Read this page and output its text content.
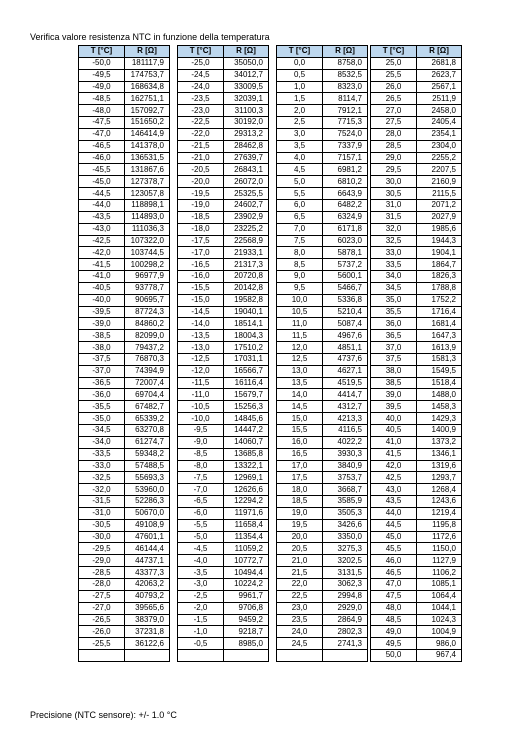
Verifica valore resistenza NTC in funzione della temperatura
T [°C]	R [Ω]
-50,0	181117,9
-49,5	174753,7
-49,0	168634,8
-48,5	162751,1
-48,0	157092,7
-47,5	151650,2
-47,0	146414,9
-46,5	141378,0
-46,0	136531,5
-45,5	131867,6
-45,0	127378,7
-44,5	123057,8
-44,0	118898,1
-43,5	114893,0
-43,0	111036,3
-42,5	107322,0
-42,0	103744,5
-41,5	100298,2
-41,0	96977,9
-40,5	93778,7
-40,0	90695,7
-39,5	87724,3
-39,0	84860,2
-38,5	82099,0
-38,0	79437,2
-37,5	76870,3
-37,0	74394,9
-36,5	72007,4
-36,0	69704,4
-35,5	67482,7
-35,0	65339,2
-34,5	63270,8
-34,0	61274,7
-33,5	59348,2
-33,0	57488,5
-32,5	55693,3
-32,0	53960,0
-31,5	52286,3
-31,0	50670,0
-30,5	49108,9
-30,0	47601,1
-29,5	46144,4
-29,0	44737,1
-28,5	43377,3
-28,0	42063,2
-27,5	40793,2
-27,0	39565,6
-26,5	38379,0
-26,0	37231,8
-25,5	36122,6

T [°C]	R [Ω]
-25,0	35050,0
-24,5	34012,7
-24,0	33009,5
-23,5	32039,1
-23,0	31100,3
-22,5	30192,0
-22,0	29313,2
-21,5	28462,8
-21,0	27639,7
-20,5	26843,1
-20,0	26072,0
-19,5	25325,5
-19,0	24602,7
-18,5	23902,9
-18,0	23225,2
-17,5	22568,9
-17,0	21933,1
-16,5	21317,3
-16,0	20720,8
-15,5	20142,8
-15,0	19582,8
-14,5	19040,1
-14,0	18514,1
-13,5	18004,3
-13,0	17510,2
-12,5	17031,1
-12,0	16566,7
-11,5	16116,4
-11,0	15679,7
-10,5	15256,3
-10,0	14845,6
-9,5	14447,2
-9,0	14060,7
-8,5	13685,8
-8,0	13322,1
-7,5	12969,1
-7,0	12626,6
-6,5	12294,2
-6,0	11971,6
-5,5	11658,4
-5,0	11354,4
-4,5	11059,2
-4,0	10772,7
-3,5	10494,4
-3,0	10224,2
-2,5	9961,7
-2,0	9706,8
-1,5	9459,2
-1,0	9218,7
-0,5	8985,0

T [°C]	R [Ω]
0,0	8758,0
0,5	8532,5
1,0	8323,0
1,5	8114,7
2,0	7912,1
2,5	7715,3
3,0	7524,0
3,5	7337,9
4,0	7157,1
4,5	6981,2
5,0	6810,2
5,5	6643,9
6,0	6482,2
6,5	6324,9
7,0	6171,8
7,5	6023,0
8,0	5878,1
8,5	5737,2
9,0	5600,1
9,5	5466,7
10,0	5336,8
10,5	5210,4
11,0	5087,4
11,5	4967,6
12,0	4851,1
12,5	4737,6
13,0	4627,1
13,5	4519,5
14,0	4414,7
14,5	4312,7
15,0	4213,3
15,5	4116,5
16,0	4022,2
16,5	3930,3
17,0	3840,9
17,5	3753,7
18,0	3668,7
18,5	3585,9
19,0	3505,3
19,5	3426,6
20,0	3350,0
20,5	3275,3
21,0	3202,5
21,5	3131,5
22,0	3062,3
22,5	2994,8
23,0	2929,0
23,5	2864,9
24,0	2802,3
24,5	2741,3

T [°C]	R [Ω]
25,0	2681,8
25,5	2623,7
26,0	2567,1
26,5	2511,9
27,0	2458,0
27,5	2405,4
28,0	2354,1
28,5	2304,0
29,0	2255,2
29,5	2207,5
30,0	2160,9
30,5	2115,5
31,0	2071,2
31,5	2027,9
32,0	1985,6
32,5	1944,3
33,0	1904,1
33,5	1864,7
34,0	1826,3
34,5	1788,8
35,0	1752,2
35,5	1716,4
36,0	1681,4
36,5	1647,3
37,0	1613,9
37,5	1581,3
38,0	1549,5
38,5	1518,4
39,0	1488,0
39,5	1458,3
40,0	1429,3
40,5	1400,9
41,0	1373,2
41,5	1346,1
42,0	1319,6
42,5	1293,7
43,0	1268,4
43,5	1243,6
44,0	1219,4
44,5	1195,8
45,0	1172,6
45,5	1150,0
46,0	1127,9
46,5	1106,2
47,0	1085,1
47,5	1064,4
48,0	1044,1
48,5	1024,3
49,0	1004,9
49,5	986,0
50,0	967,4
Precisione (NTC sensore): +/- 1.0 °C
